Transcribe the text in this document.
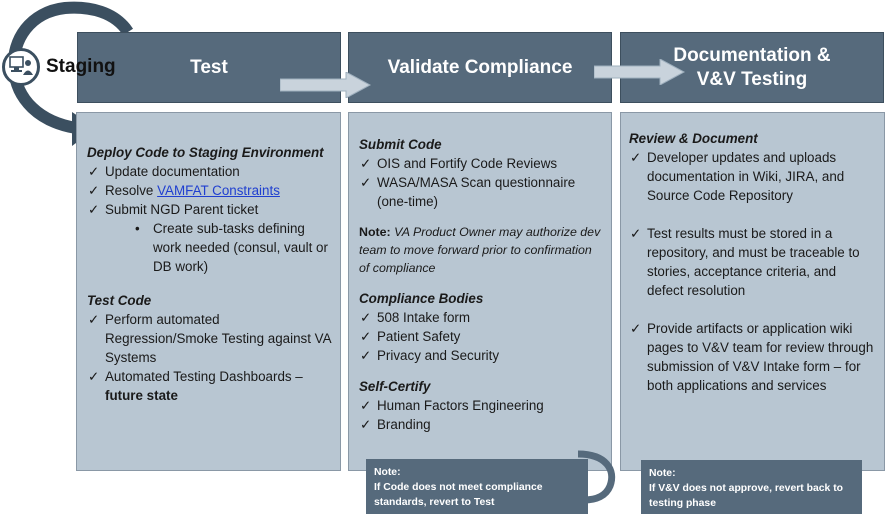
Test	Validate Compliance
Documentation &
V&V Testing
Staging
Deploy Code to Staging Environment
✓ Update documentation
✓ Resolve VAMFAT Constraints
✓ Submit NGD Parent ticket
• Create sub-tasks defining work needed (consul, vault or DB work)
Test Code
✓ Perform automated Regression/Smoke Testing against VA Systems
✓ Automated Testing Dashboards – future state
Submit Code
✓ OIS and Fortify Code Reviews
✓ WASA/MASA Scan questionnaire (one-time)
Note: VA Product Owner may authorize dev team to move forward prior to confirmation of compliance
Compliance Bodies
✓ 508 Intake form
✓ Patient Safety
✓ Privacy and Security
Self-Certify
✓ Human Factors Engineering
✓ Branding
Review & Document
✓ Developer updates and uploads documentation in Wiki, JIRA, and Source Code Repository
✓ Test results must be stored in a repository, and must be traceable to stories, acceptance criteria, and defect resolution
✓ Provide artifacts or application wiki pages to V&V team for review through submission of V&V Intake form – for both applications and services
Note:
If Code does not meet compliance standards, revert to Test
Note:
If V&V does not approve, revert back to testing phase
